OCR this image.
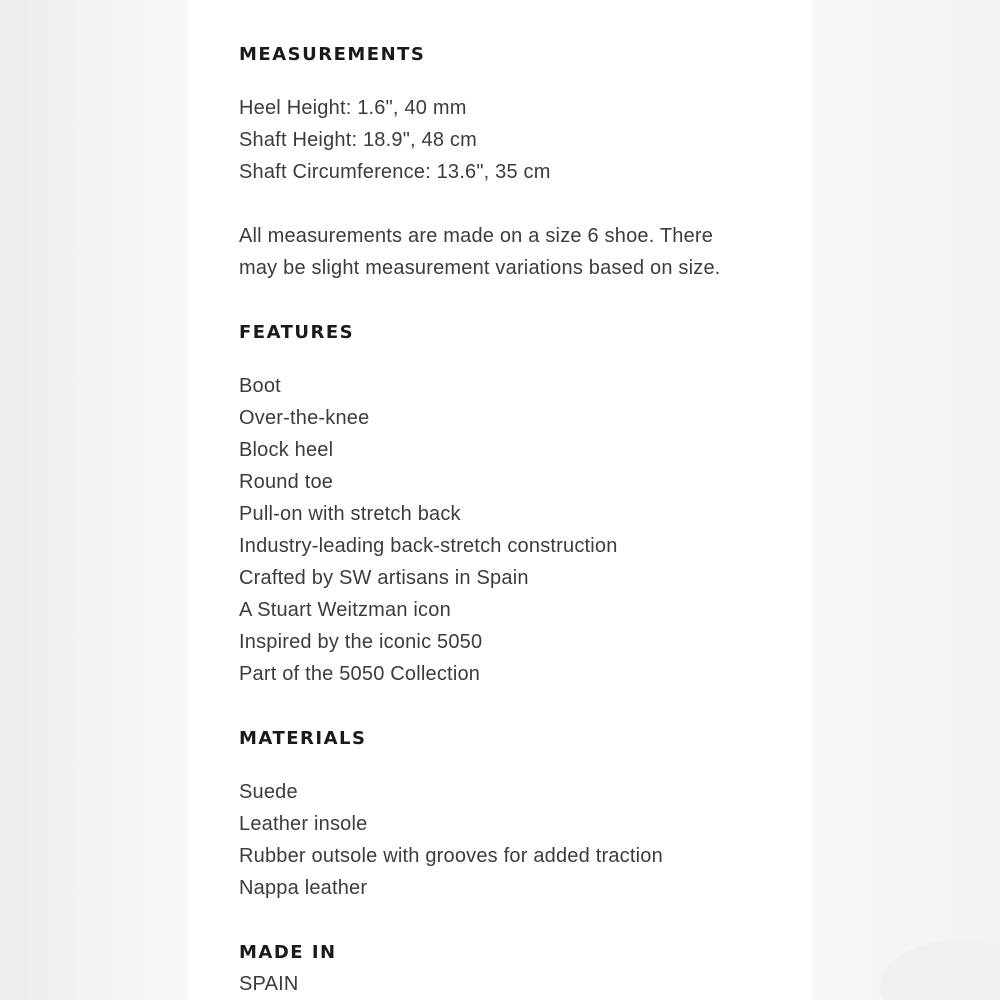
MEASUREMENTS

Heel Height: 1.6", 40 mm

Shaft Height: 18.9", 48 cm

Shaft Circumference: 13.6", 35 cm

All measurements are made on a size 6 shoe. There

may be slight measurement variations based on size.

FEATURES

Boot

Over-the-knee

Block heel

Round toe

Pull-on with stretch back

Industry-leading back-stretch construction

Crafted by SW artisans in Spain

A Stuart Weitzman icon

Inspired by the iconic 5050

Part of the 5050 Collection

MATERIALS

Suede

Leather insole

Rubber outsole with grooves for added traction

Nappa leather

MADE IN

SPAIN
